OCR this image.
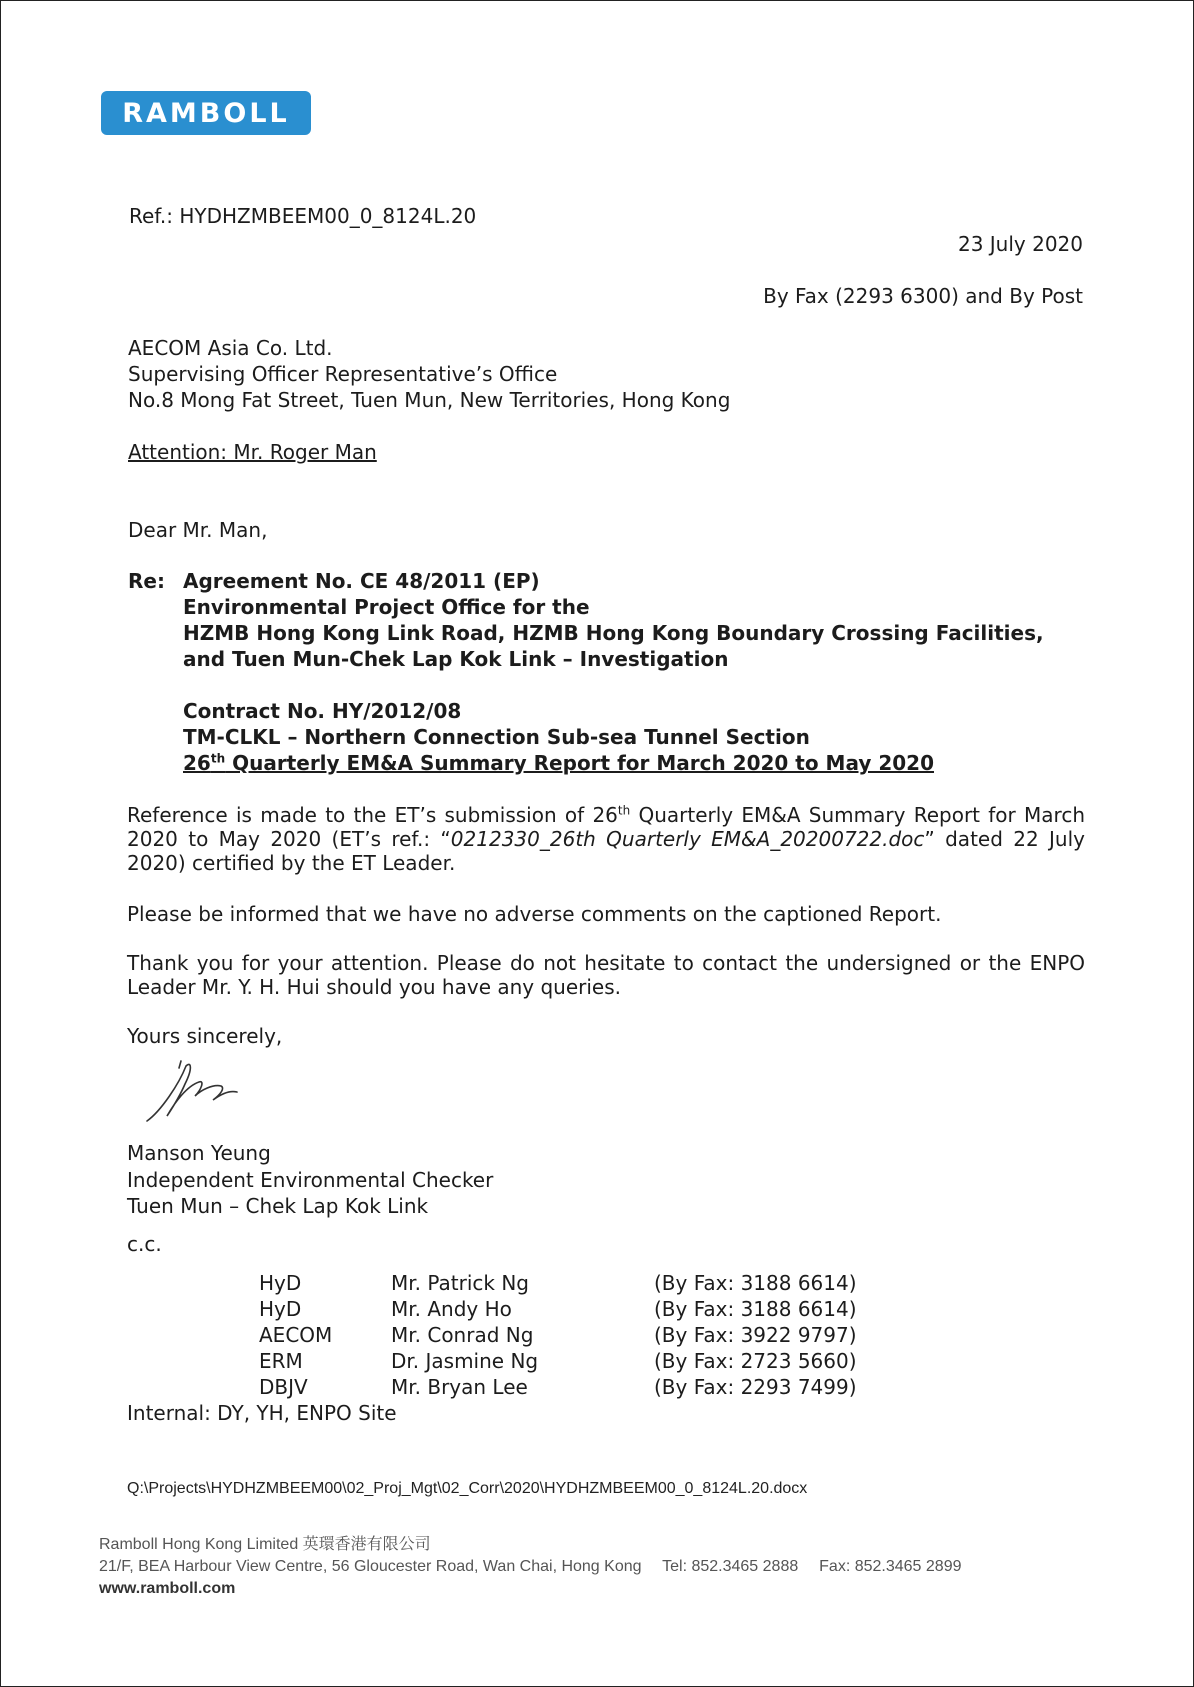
RAMBOLL
Ref.: HYDHZMBEEM00_0_8124L.20
23 July 2020
By Fax (2293 6300) and By Post
AECOM Asia Co. Ltd.
Supervising Officer Representative’s Office
No.8 Mong Fat Street, Tuen Mun, New Territories, Hong Kong
Attention: Mr. Roger Man
Dear Mr. Man,
Re: Agreement No. CE 48/2011 (EP)
Environmental Project Office for the
HZMB Hong Kong Link Road, HZMB Hong Kong Boundary Crossing Facilities,
and Tuen Mun-Chek Lap Kok Link – Investigation
Contract No. HY/2012/08
TM-CLKL – Northern Connection Sub-sea Tunnel Section
26th Quarterly EM&A Summary Report for March 2020 to May 2020
Reference is made to the ET’s submission of 26th Quarterly EM&A Summary Report for March 2020 to May 2020 (ET’s ref.: “0212330_26th Quarterly EM&A_20200722.doc” dated 22 July 2020) certified by the ET Leader.
Please be informed that we have no adverse comments on the captioned Report.
Thank you for your attention. Please do not hesitate to contact the undersigned or the ENPO Leader Mr. Y. H. Hui should you have any queries.
Yours sincerely,
Manson Yeung
Independent Environmental Checker
Tuen Mun – Chek Lap Kok Link
c.c.
HyD	Mr. Patrick Ng	(By Fax: 3188 6614)
HyD	Mr. Andy Ho	(By Fax: 3188 6614)
AECOM	Mr. Conrad Ng	(By Fax: 3922 9797)
ERM	Dr. Jasmine Ng	(By Fax: 2723 5660)
DBJV	Mr. Bryan Lee	(By Fax: 2293 7499)
Internal: DY, YH, ENPO Site
Q:\Projects\HYDHZMBEEM00\02_Proj_Mgt\02_Corr\2020\HYDHZMBEEM00_0_8124L.20.docx
Ramboll Hong Kong Limited 英環香港有限公司
21/F, BEA Harbour View Centre, 56 Gloucester Road, Wan Chai, Hong Kong Tel: 852.3465 2888 Fax: 852.3465 2899
www.ramboll.com
